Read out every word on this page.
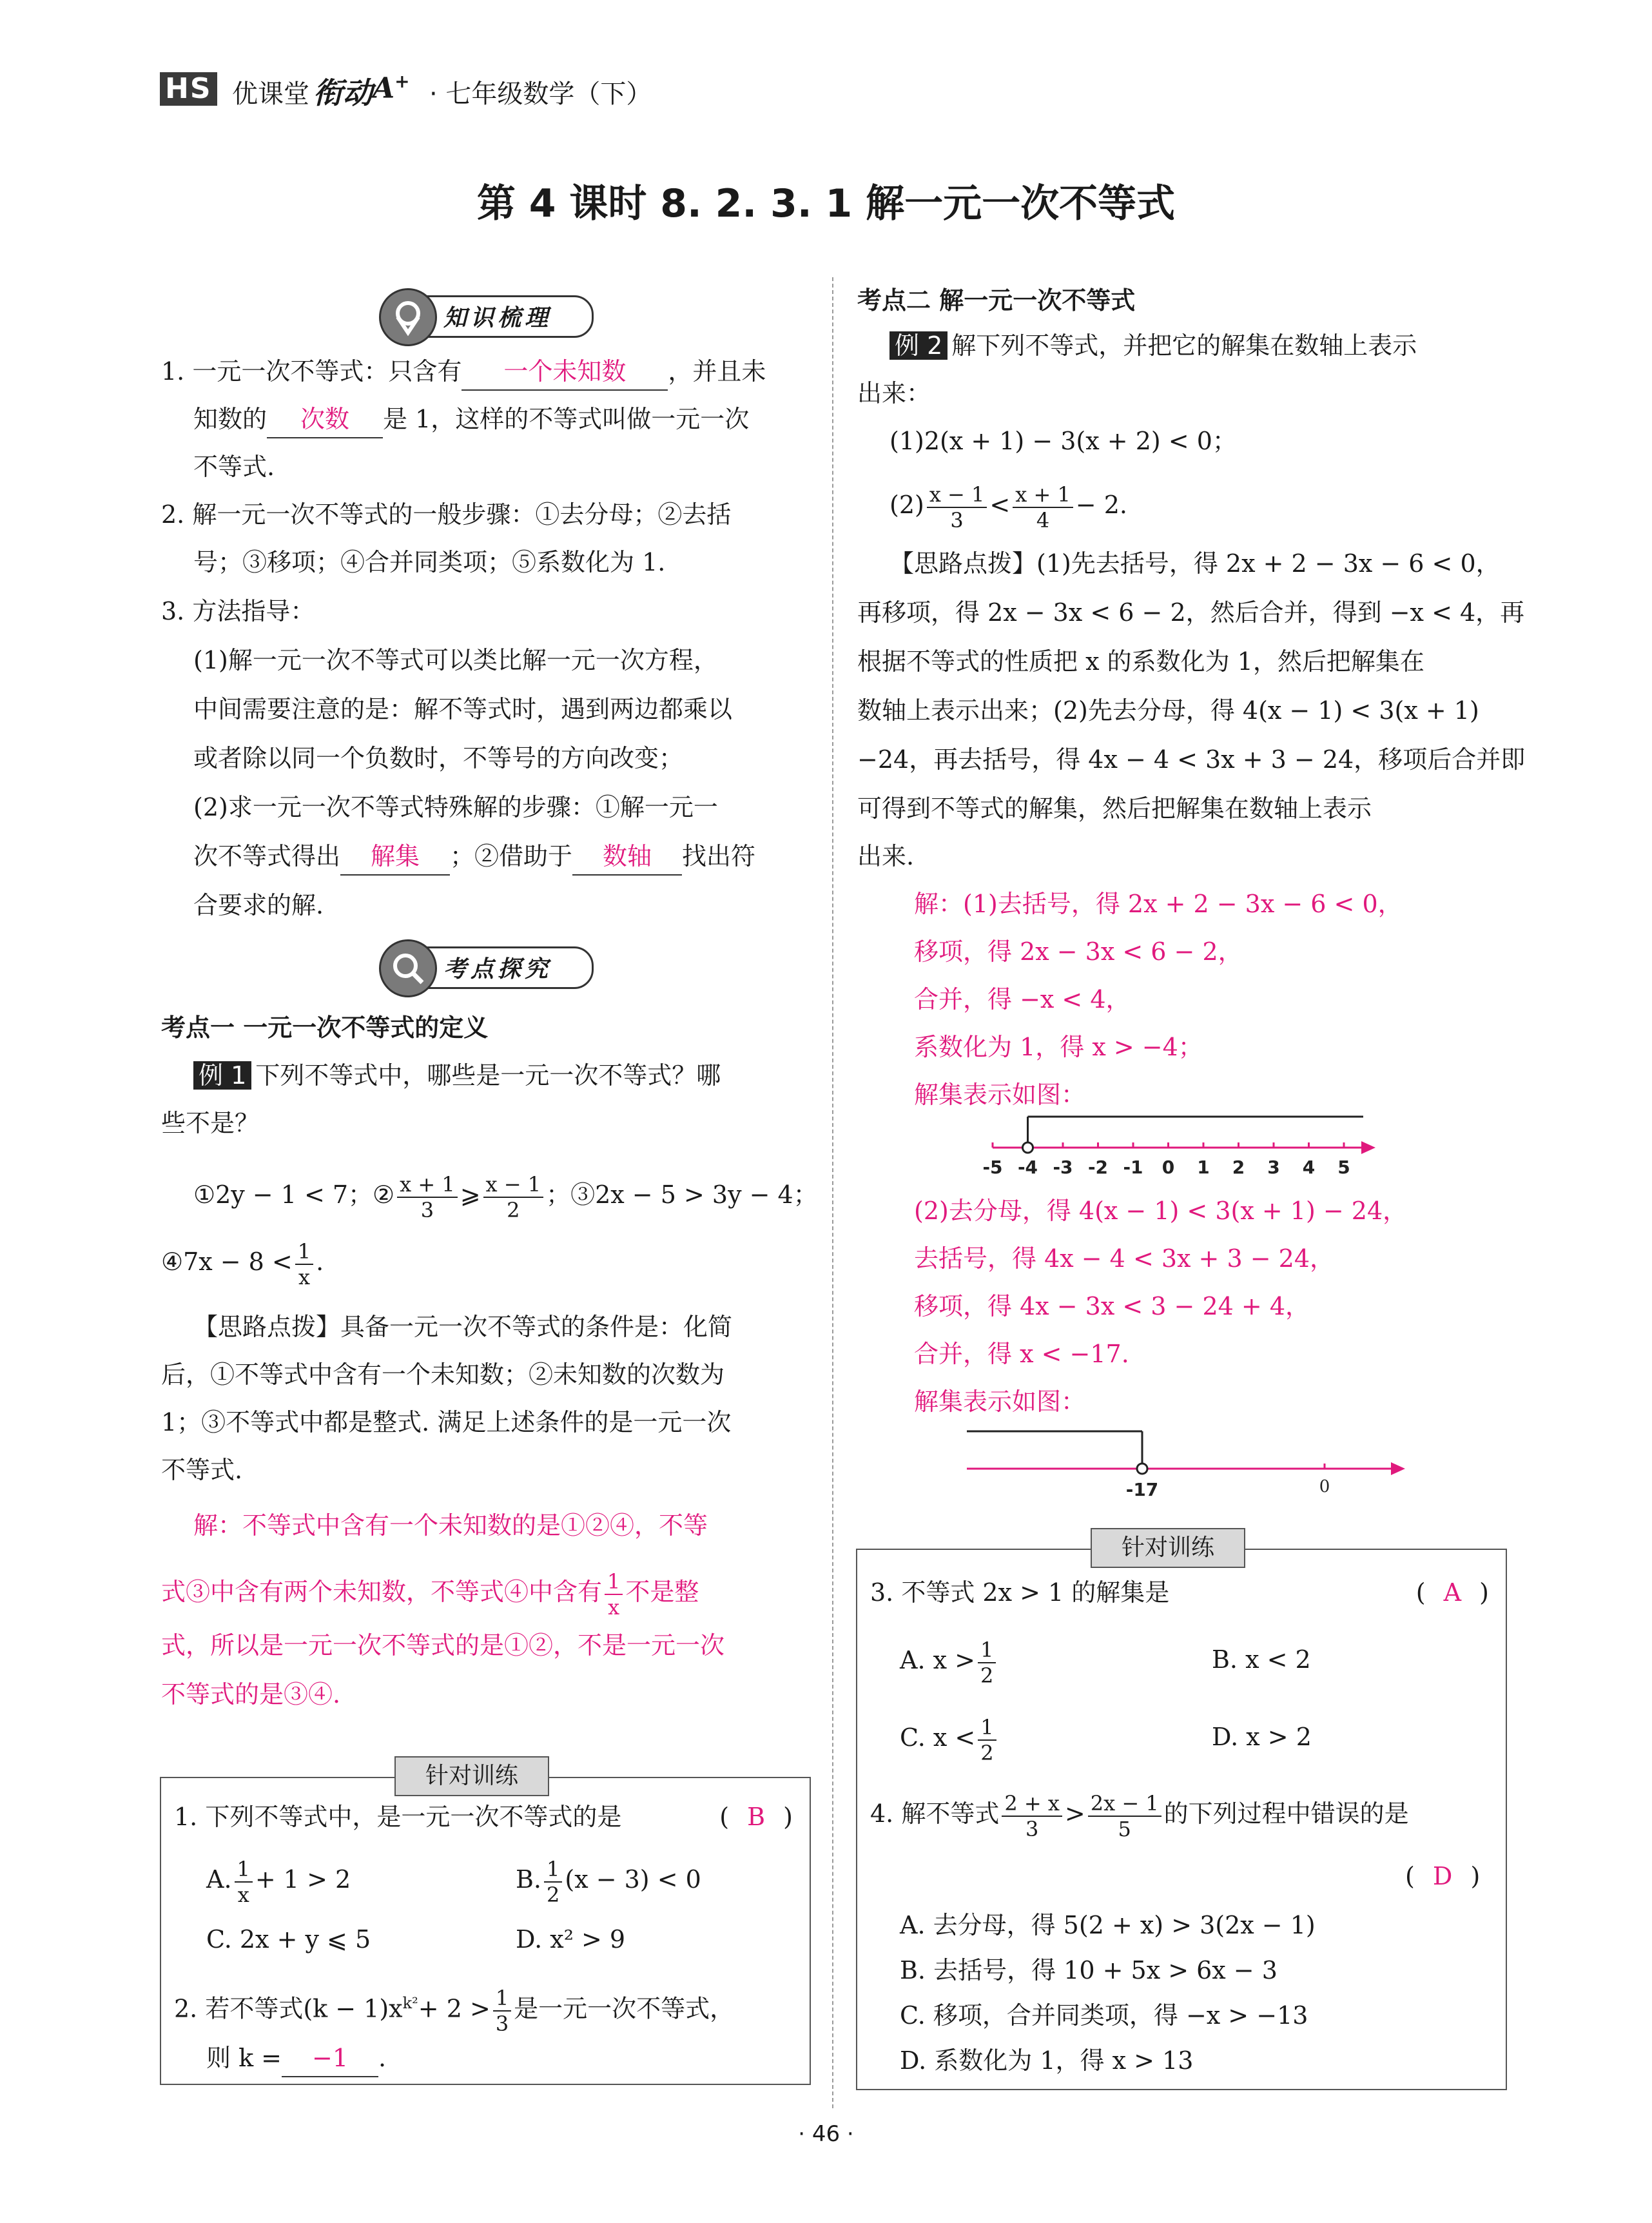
HS 优课堂 衔动 A+ · 七年级数学（下）
第 4 课时 8. 2. 3. 1 解一元一次不等式
知识梳理
1. 一元一次不等式：只含有 一个未知数 ，并且未
知数的 次数 是 1，这样的不等式叫做一元一次
不等式.
2. 解一元一次不等式的一般步骤：①去分母；②去括
号；③移项；④合并同类项；⑤系数化为 1.
3. 方法指导：
(1)解一元一次不等式可以类比解一元一次方程，
中间需要注意的是：解不等式时，遇到两边都乘以
或者除以同一个负数时，不等号的方向改变；
(2)求一元一次不等式特殊解的步骤：①解一元一
次不等式得出 解集 ；②借助于 数轴 找出符
合要求的解.
考点探究
考点一 一元一次不等式的定义
例 1 下列不等式中，哪些是一元一次不等式？哪
些不是？
①2y − 1 < 7；② $\frac{x + 1}{3}$ ⩾ $\frac{x - 1}{2}$ ；③2x − 5 > 3y − 4；
④7x − $8 < \frac{1}{x}$ .
【思路点拨】具备一元一次不等式的条件是：化简
后，①不等式中含有一个未知数；②未知数的次数为
1；③不等式中都是整式. 满足上述条件的是一元一次
不等式.
解：不等式中含有一个未知数的是①②④，不等
式③中含有两个未知数，不等式④中含有 $\frac{1}{x}$ 不是整
式，所以是一元一次不等式的是①②，不是一元一次
不等式的是③④.
针对训练
1. 下列不等式中，是一元一次不等式的是	( B )
A. $\frac{1}{x} + 1 > 2$	B. $\frac{1}{2} (x - 3) < 0$
C. 2x + y ⩽ 5	D. x² > 9
2. 若不等式$(k - 1)x^{k^2}+ 2 > \frac{1}{3}$ 是一元一次不等式，
则 k = −1 .
考点二 解一元一次不等式
例 2 解下列不等式，并把它的解集在数轴上表示
出来：
(1)2(x + 1) − 3(x + 2) < 0；
$(2) \frac{x - 1}{3} < \frac{x + 1}{4} - 2$.
【思路点拨】(1)先去括号，得 2x + 2 − 3x − 6 < 0，
再移项，得 2x − 3x < 6 − 2，然后合并，得到 −x < 4，再
根据不等式的性质把 x 的系数化为 1，然后把解集在
数轴上表示出来；(2)先去分母，得 4(x − 1) < 3(x + 1)
−24，再去括号，得 4x − 4 < 3x + 3 − 24，移项后合并即
可得到不等式的解集，然后把解集在数轴上表示
出来.
解：(1)去括号，得 2x + 2 − 3x − 6 < 0，
移项，得 2x − 3x < 6 − 2，
合并，得 −x < 4，
系数化为 1，得 x > −4；
解集表示如图：
-5 -4 -3 -2 -1 0 1 2 3 4 5
(2)去分母，得 4(x − 1) < 3(x + 1) − 24，
去括号，得 4x − 4 < 3x + 3 − 24，
移项，得 4x − 3x < 3 − 24 + 4，
合并，得 x < −17.
解集表示如图：
-17	0
针对训练
3. 不等式 2x > 1 的解集是	( A )
A. $x > \frac{1}{2}$	B. x < 2
C. $x < \frac{1}{2}$	D. x > 2
4. 解不等式 $\frac{2 + x}{3} > \frac{2x - 1}{5}$ 的下列过程中错误的是
( D )
A. 去分母，得 5(2 + x) > 3(2x − 1)
B. 去括号，得 10 + 5x > 6x − 3
C. 移项，合并同类项，得 −x > −13
D. 系数化为 1，得 x > 13
· 46 ·
